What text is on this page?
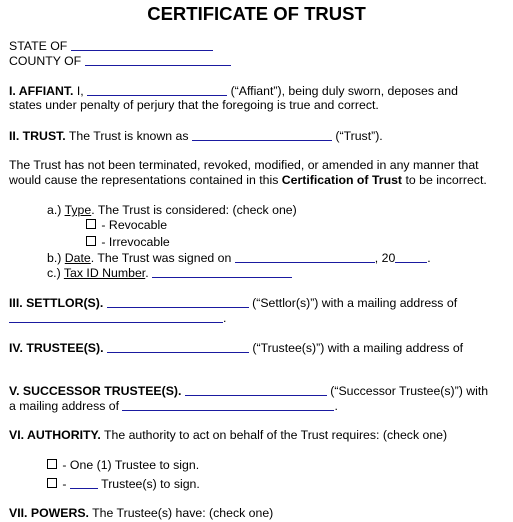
CERTIFICATE OF TRUST
STATE OF
COUNTY OF
I. AFFIANT. I,	(“Affiant”), being duly sworn, deposes and
states under penalty of perjury that the foregoing is true and correct.
II. TRUST. The Trust is known as	(“Trust”).
The Trust has not been terminated, revoked, modified, or amended in any manner that
would cause the representations contained in this Certification of Trust to be incorrect.
a.) Type. The Trust is considered: (check one)
- Revocable
- Irrevocable
b.) Date. The Trust was signed on	, 20	.
c.) Tax ID Number.
III. SETTLOR(S).	(“Settlor(s)”) with a mailing address of
.
IV. TRUSTEE(S).	(“Trustee(s)”) with a mailing address of
V. SUCCESSOR TRUSTEE(S).	(“Successor Trustee(s)”) with
a mailing address of	.
VI. AUTHORITY. The authority to act on behalf of the Trust requires: (check one)
- One (1) Trustee to sign.
-	Trustee(s) to sign.
VII. POWERS. The Trustee(s) have: (check one)
